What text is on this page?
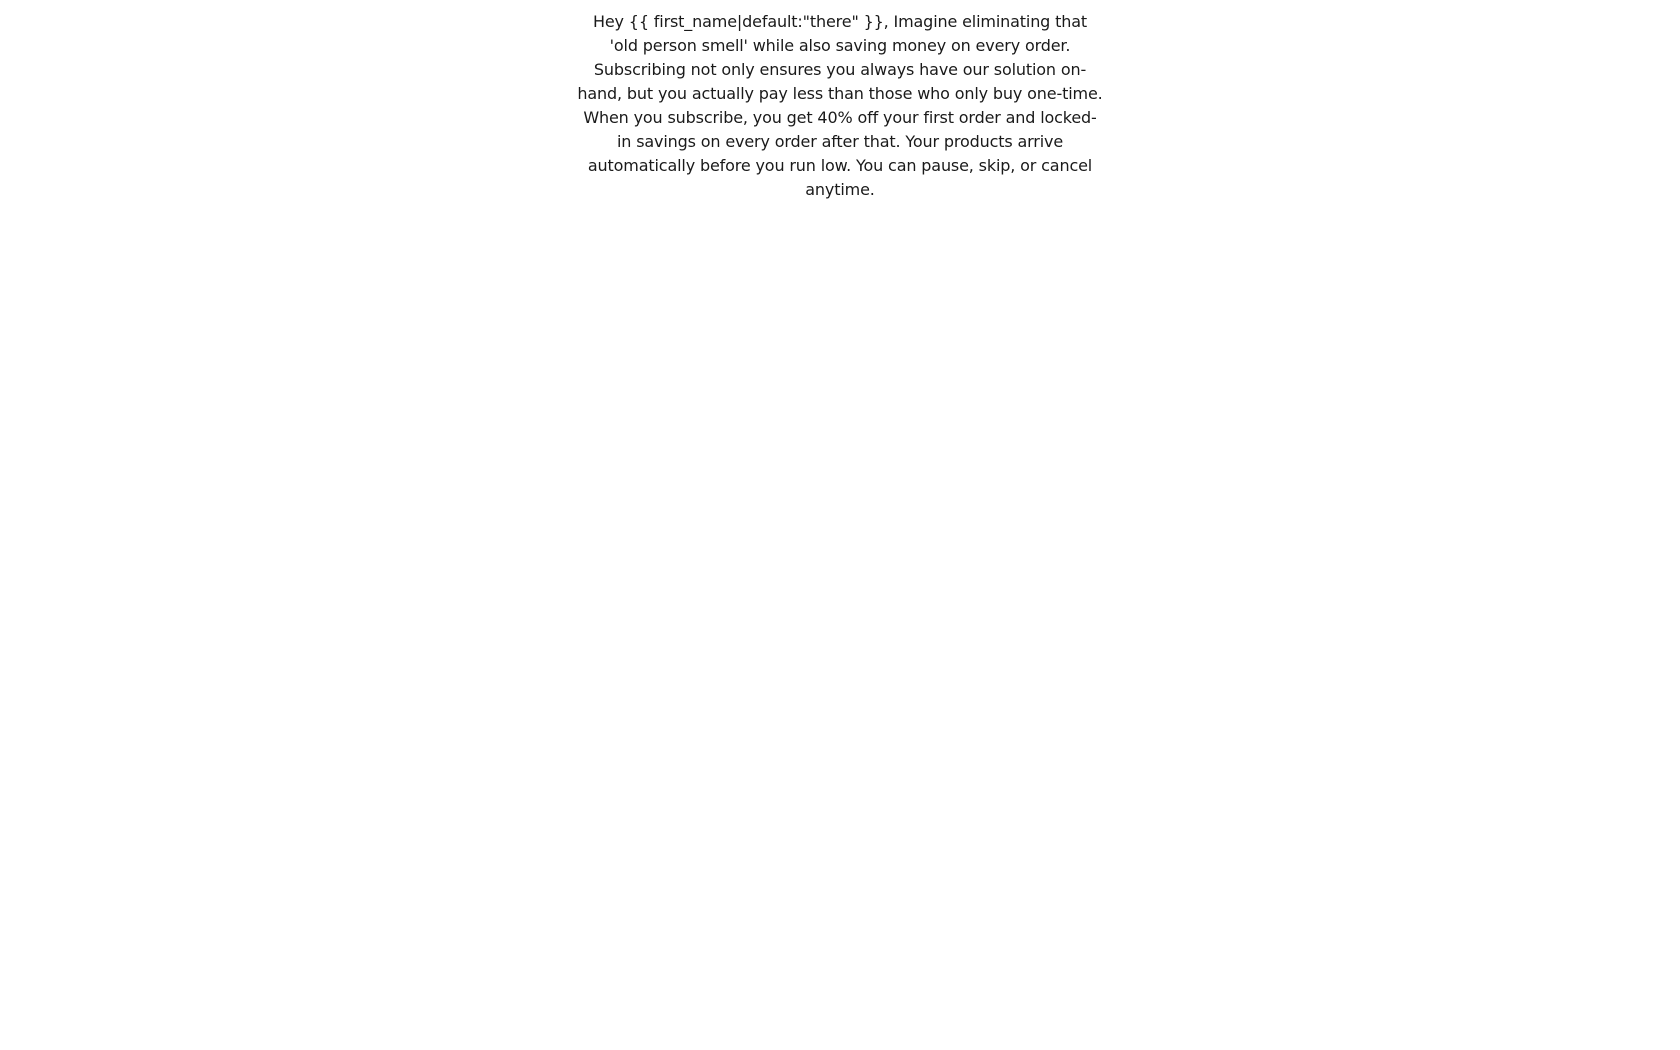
Hey {{ first_name|default:"there" }}, Imagine eliminating that 'old person smell' while also saving money on every order. Subscribing not only ensures you always have our solution on-hand, but you actually pay less than those who only buy one-time. When you subscribe, you get 40% off your first order and locked-in savings on every order after that. Your products arrive automatically before you run low. You can pause, skip, or cancel anytime.
